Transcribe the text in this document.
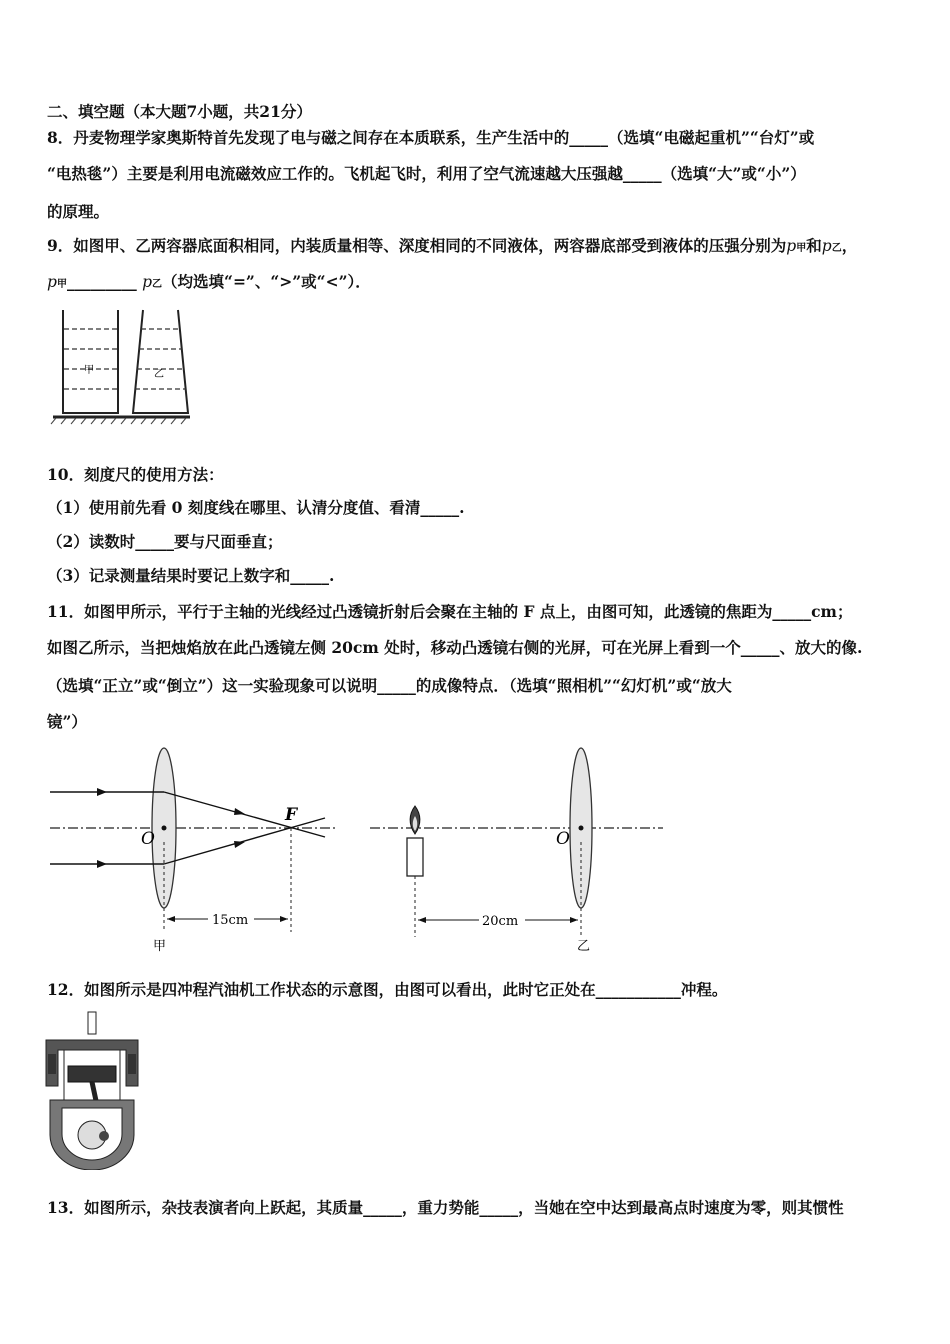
二、填空题（本大题7小题，共21分）
8．丹麦物理学家奥斯特首先发现了电与磁之间存在本质联系，生产生活中的_____（选填“电磁起重机”“台灯”或
“电热毯”）主要是利用电流磁效应工作的。飞机起飞时，利用了空气流速越大压强越_____（选填“大”或“小”）
的原理。
9．如图甲、乙两容器底面积相同，内装质量相等、深度相同的不同液体，两容器底部受到液体的压强分别为p甲和p乙，
p甲_________ p乙（均选填“=”、“>”或“<”）．
甲	乙
10．刻度尺的使用方法：
（1）使用前先看 0 刻度线在哪里、认清分度值、看清_____.
（2）读数时_____要与尺面垂直；
（3）记录测量结果时要记上数字和_____.
11．如图甲所示，平行于主轴的光线经过凸透镜折射后会聚在主轴的 F 点上，由图可知，此透镜的焦距为_____cm；
如图乙所示，当把烛焰放在此凸透镜左侧 20cm 处时，移动凸透镜右侧的光屏，可在光屏上看到一个_____、放大的像.
（选填“正立”或“倒立”）这一实验现象可以说明_____的成像特点．（选填“照相机”“幻灯机”或“放大
镜”）
15cm
O
F
甲
20cm
O
乙
12．如图所示是四冲程汽油机工作状态的示意图，由图可以看出，此时它正处在___________冲程。
13．如图所示，杂技表演者向上跃起，其质量_____，重力势能_____，当她在空中达到最高点时速度为零，则其惯性
